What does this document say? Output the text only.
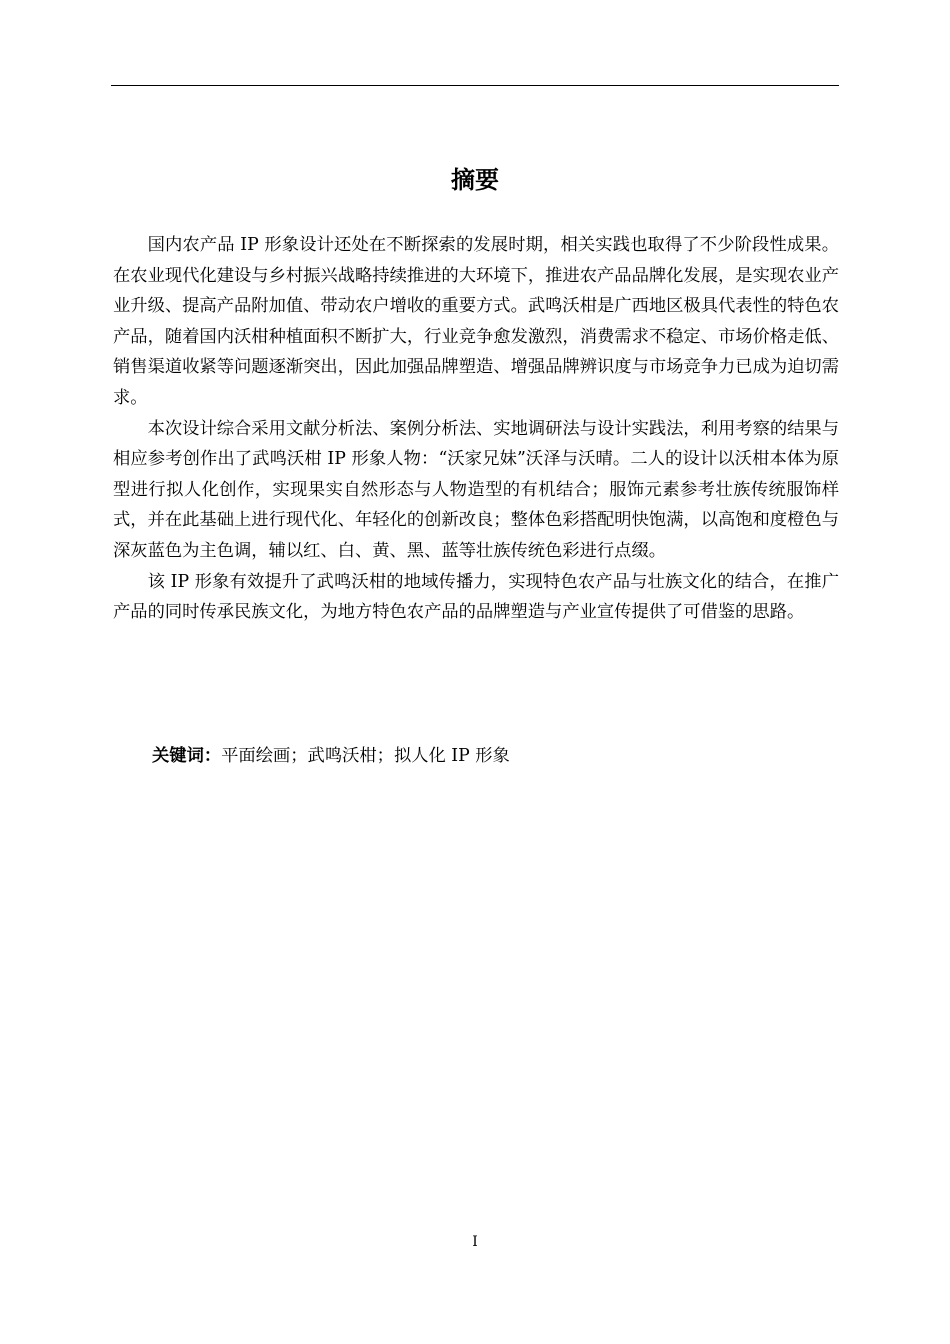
摘要

国内农产品 IP 形象设计还处在不断探索的发展时期，相关实践也取得了不少阶段性成果。在农业现代化建设与乡村振兴战略持续推进的大环境下，推进农产品品牌化发展，是实现农业产业升级、提高产品附加值、带动农户增收的重要方式。武鸣沃柑是广西地区极具代表性的特色农产品，随着国内沃柑种植面积不断扩大，行业竞争愈发激烈，消费需求不稳定、市场价格走低、销售渠道收紧等问题逐渐突出，因此加强品牌塑造、增强品牌辨识度与市场竞争力已成为迫切需求。

本次设计综合采用文献分析法、案例分析法、实地调研法与设计实践法，利用考察的结果与相应参考创作出了武鸣沃柑 IP 形象人物：“沃家兄妹”沃泽与沃晴。二人的设计以沃柑本体为原型进行拟人化创作，实现果实自然形态与人物造型的有机结合；服饰元素参考壮族传统服饰样式，并在此基础上进行现代化、年轻化的创新改良；整体色彩搭配明快饱满，以高饱和度橙色与深灰蓝色为主色调，辅以红、白、黄、黑、蓝等壮族传统色彩进行点缀。

该 IP 形象有效提升了武鸣沃柑的地域传播力，实现特色农产品与壮族文化的结合，在推广产品的同时传承民族文化，为地方特色农产品的品牌塑造与产业宣传提供了可借鉴的思路。

关键词：平面绘画；武鸣沃柑；拟人化 IP 形象

I
